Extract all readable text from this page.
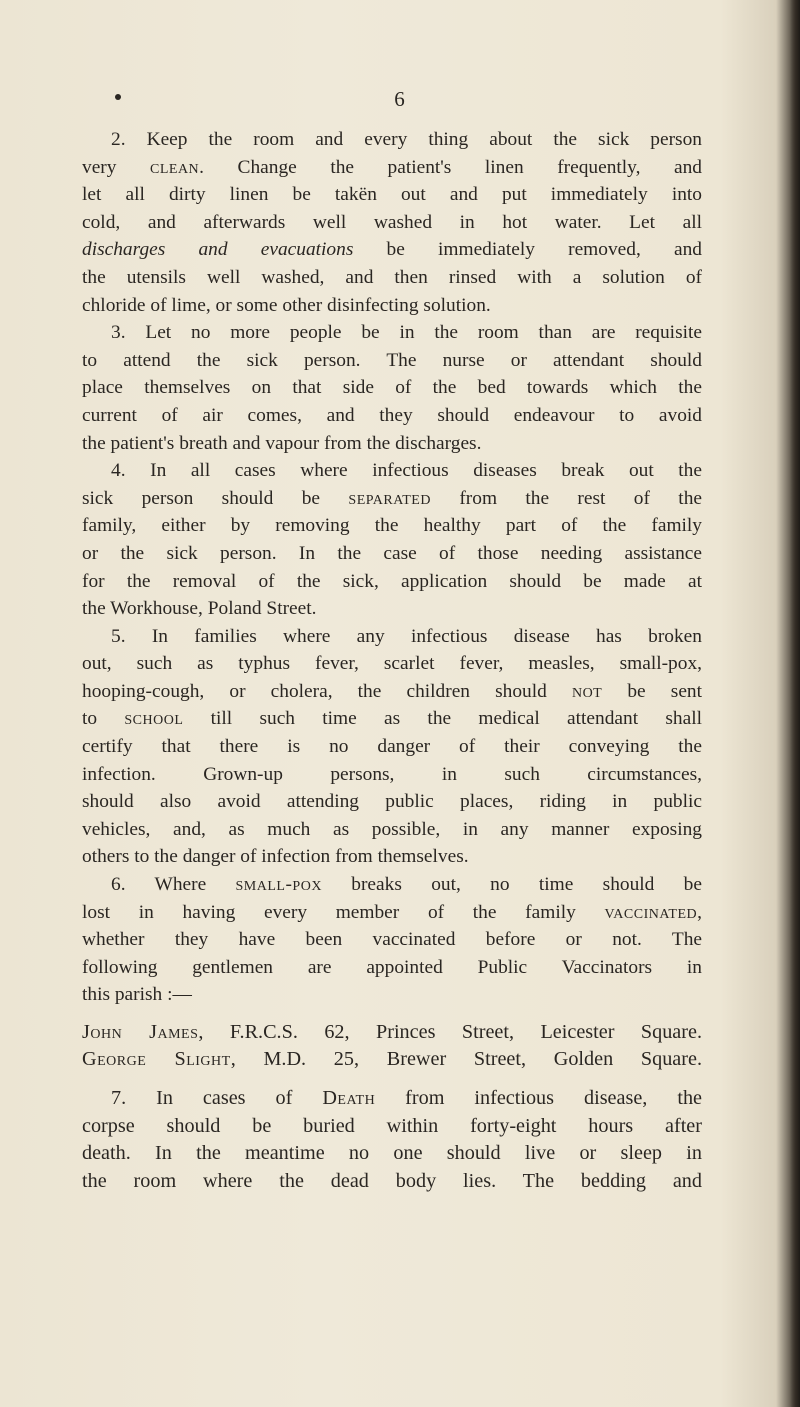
6
2. Keep the room and every thing about the sick person
very clean. Change the patient's linen frequently, and
let all dirty linen be takën out and put immediately into
cold, and afterwards well washed in hot water. Let all
discharges and evacuations be immediately removed, and
the utensils well washed, and then rinsed with a solution of
chloride of lime, or some other disinfecting solution.
3. Let no more people be in the room than are requisite
to attend the sick person. The nurse or attendant should
place themselves on that side of the bed towards which the
current of air comes, and they should endeavour to avoid
the patient's breath and vapour from the discharges.
4. In all cases where infectious diseases break out the
sick person should be separated from the rest of the
family, either by removing the healthy part of the family
or the sick person. In the case of those needing assistance
for the removal of the sick, application should be made at
the Workhouse, Poland Street.
5. In families where any infectious disease has broken
out, such as typhus fever, scarlet fever, measles, small-pox,
hooping-cough, or cholera, the children should not be sent
to school till such time as the medical attendant shall
certify that there is no danger of their conveying the
infection. Grown-up persons, in such circumstances,
should also avoid attending public places, riding in public
vehicles, and, as much as possible, in any manner exposing
others to the danger of infection from themselves.
6. Where small-pox breaks out, no time should be
lost in having every member of the family vaccinated,
whether they have been vaccinated before or not. The
following gentlemen are appointed Public Vaccinators in
this parish :—
John James, F.R.C.S. 62, Princes Street, Leicester Square.
George Slight, M.D. 25, Brewer Street, Golden Square.
7. In cases of Death from infectious disease, the
corpse should be buried within forty-eight hours after
death. In the meantime no one should live or sleep in
the room where the dead body lies. The bedding and
